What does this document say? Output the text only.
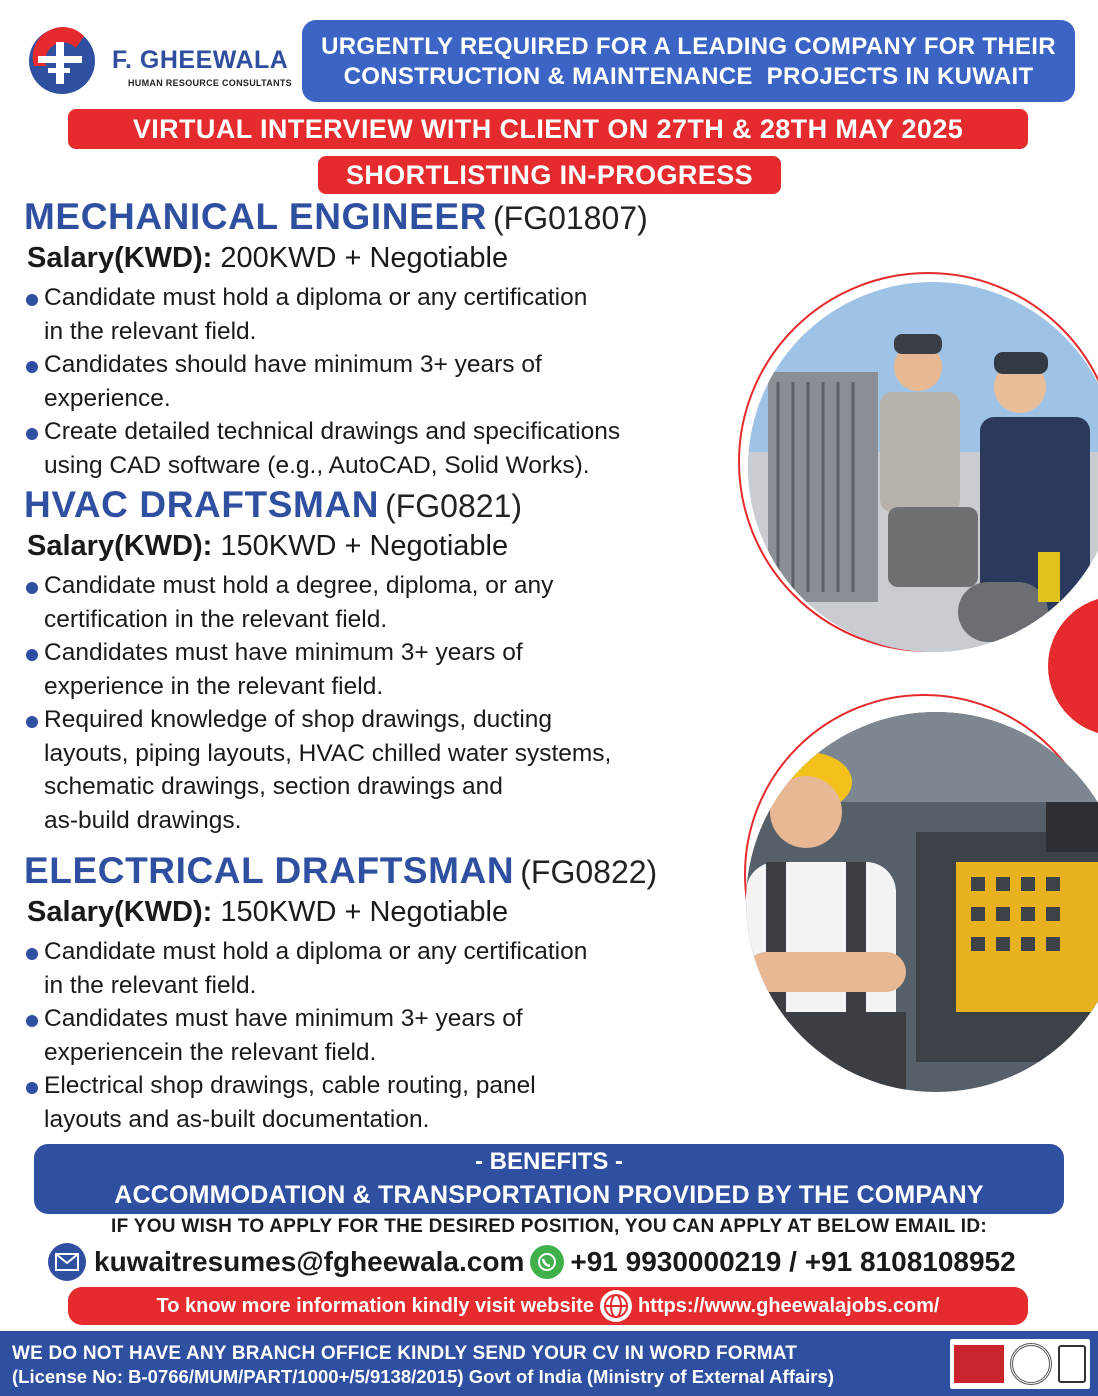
F. GHEEWALA
HUMAN RESOURCE CONSULTANTS
URGENTLY REQUIRED FOR A LEADING COMPANY FOR THEIR
CONSTRUCTION & MAINTENANCE  PROJECTS IN KUWAIT
VIRTUAL INTERVIEW WITH CLIENT ON 27TH & 28TH MAY 2025
SHORTLISTING IN-PROGRESS
MECHANICAL ENGINEER (FG01807)
Salary(KWD): 200KWD + Negotiable
Candidate must hold a diploma or any certification
in the relevant field.
Candidates should have minimum 3+ years of
experience.
Create detailed technical drawings and specifications
using CAD software (e.g., AutoCAD, Solid Works).
HVAC DRAFTSMAN (FG0821)
Salary(KWD): 150KWD + Negotiable
Candidate must hold a degree, diploma, or any
certification in the relevant field.
Candidates must have minimum 3+ years of
experience in the relevant field.
Required knowledge of shop drawings, ducting
layouts, piping layouts, HVAC chilled water systems,
schematic drawings, section drawings and
as-build drawings.
ELECTRICAL DRAFTSMAN (FG0822)
Salary(KWD): 150KWD + Negotiable
Candidate must hold a diploma or any certification
in the relevant field.
Candidates must have minimum 3+ years of
experiencein the relevant field.
Electrical shop drawings, cable routing, panel
layouts and as-built documentation.
- BENEFITS -
ACCOMMODATION & TRANSPORTATION PROVIDED BY THE COMPANY
IF YOU WISH TO APPLY FOR THE DESIRED POSITION, YOU CAN APPLY AT BELOW EMAIL ID:
kuwaitresumes@fgheewala.com +91 9930000219 / +91 8108108952
To know more information kindly visit website https://www.gheewalajobs.com/
WE DO NOT HAVE ANY BRANCH OFFICE KINDLY SEND YOUR CV IN WORD FORMAT
(License No: B-0766/MUM/PART/1000+/5/9138/2015) Govt of India (Ministry of External Affairs)
